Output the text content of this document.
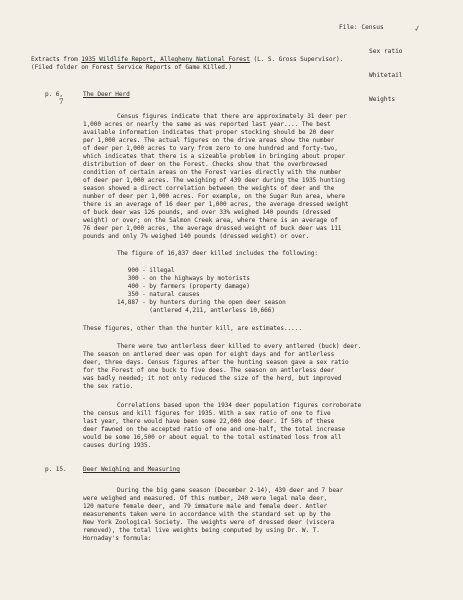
File: Census

Sex ratio

Whitetail

Weights

✓
Extracts from 1935 Wildlife Report, Allegheny National Forest (L. S. Gross Supervisor).
(Filed folder on Forest Service Reports of Game Killed.)
p. 6,
7
The Deer Herd
Census figures indicate that there are approximately 31 deer per
1,000 acres or nearly the same as was reported last year.... The best
available information indicates that proper stocking should be 20 deer
per 1,000 acres. The actual figures on the drive areas show the number
of deer per 1,000 acres to vary from zero to one hundred and forty-two,
which indicates that there is a sizeable problem in bringing about proper
distribution of deer on the Forest. Checks show that the overbrowsed
condition of certain areas on the Forest varies directly with the number
of deer per 1,000 acres. The weighing of 439 deer during the 1935 hunting
season showed a direct correlation between the weights of deer and the
number of deer per 1,000 acres. For example, on the Sugar Run area, where
there is an average of 16 deer per 1,000 acres, the average dressed weight
of buck deer was 126 pounds, and over 33% weighed 140 pounds (dressed
weight) or over; on the Salmon Creek area, where there is an average of
76 deer per 1,000 acres, the average dressed weight of buck deer was 111
pounds and only 7% weighed 140 pounds (dressed weight) or over.
The figure of 16,837 deer killed includes the following:
900 - illegal
300 - on the highways by motorists
400 - by farmers (property damage)
350 - natural causes
14,887 - by hunters during the open deer season
(antlered 4,211, antlerless 10,666)
These figures, other than the hunter kill, are estimates.....
There were two antlerless deer killed to every antlered (buck) deer.
The season on antlered deer was open for eight days and for antlerless
deer, three days. Census figures after the hunting season gave a sex ratio
for the Forest of one buck to five does. The season on antlerless deer
was badly needed; it not only reduced the size of the herd, but improved
the sex ratio.
Correlations based upon the 1934 deer population figures corroborate
the census and kill figures for 1935. With a sex ratio of one to five
last year, there would have been some 22,000 doe deer. If 50% of these
deer fawned on the accepted ratio of one and one-half, the total increase
would be some 16,500 or about equal to the total estimated loss from all
causes during 1935.
p. 15.	Deer Weighing and Measuring
During the big game season (December 2-14), 439 deer and 7 bear
were weighed and measured. Of this number, 240 were legal male deer,
120 mature female deer, and 79 immature male and female deer. Antler
measurements taken were in accordance with the standard set up by the
New York Zoological Society. The weights were of dressed deer (viscera
removed), the total live weights being computed by using Dr. W. T.
Hornaday's formula:
